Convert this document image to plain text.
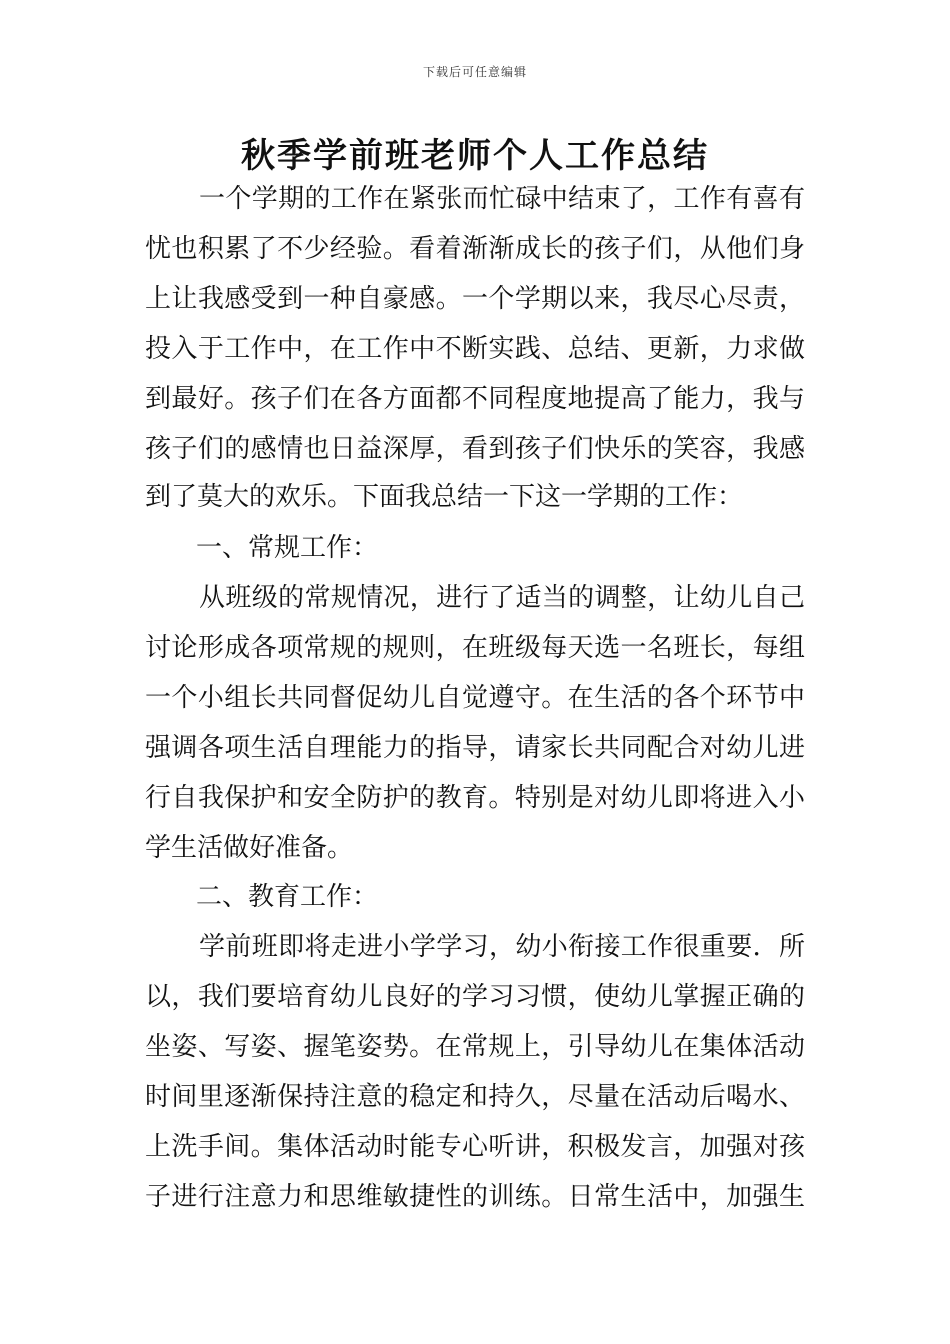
下载后可任意编辑
秋季学前班老师个人工作总结
一个学期的工作在紧张而忙碌中结束了，工作有喜有
忧也积累了不少经验。看着渐渐成长的孩子们，从他们身
上让我感受到一种自豪感。一个学期以来，我尽心尽责，
投入于工作中，在工作中不断实践、总结、更新，力求做
到最好。孩子们在各方面都不同程度地提高了能力，我与
孩子们的感情也日益深厚，看到孩子们快乐的笑容，我感
到了莫大的欢乐。下面我总结一下这一学期的工作：
一、常规工作：
从班级的常规情况，进行了适当的调整，让幼儿自己
讨论形成各项常规的规则，在班级每天选一名班长，每组
一个小组长共同督促幼儿自觉遵守。在生活的各个环节中
强调各项生活自理能力的指导，请家长共同配合对幼儿进
行自我保护和安全防护的教育。特别是对幼儿即将进入小
学生活做好准备。
二、教育工作：
学前班即将走进小学学习，幼小衔接工作很重要．所
以，我们要培育幼儿良好的学习习惯，使幼儿掌握正确的
坐姿、写姿、握笔姿势。在常规上，引导幼儿在集体活动
时间里逐渐保持注意的稳定和持久，尽量在活动后喝水、
上洗手间。集体活动时能专心听讲，积极发言，加强对孩
子进行注意力和思维敏捷性的训练。日常生活中，加强生
